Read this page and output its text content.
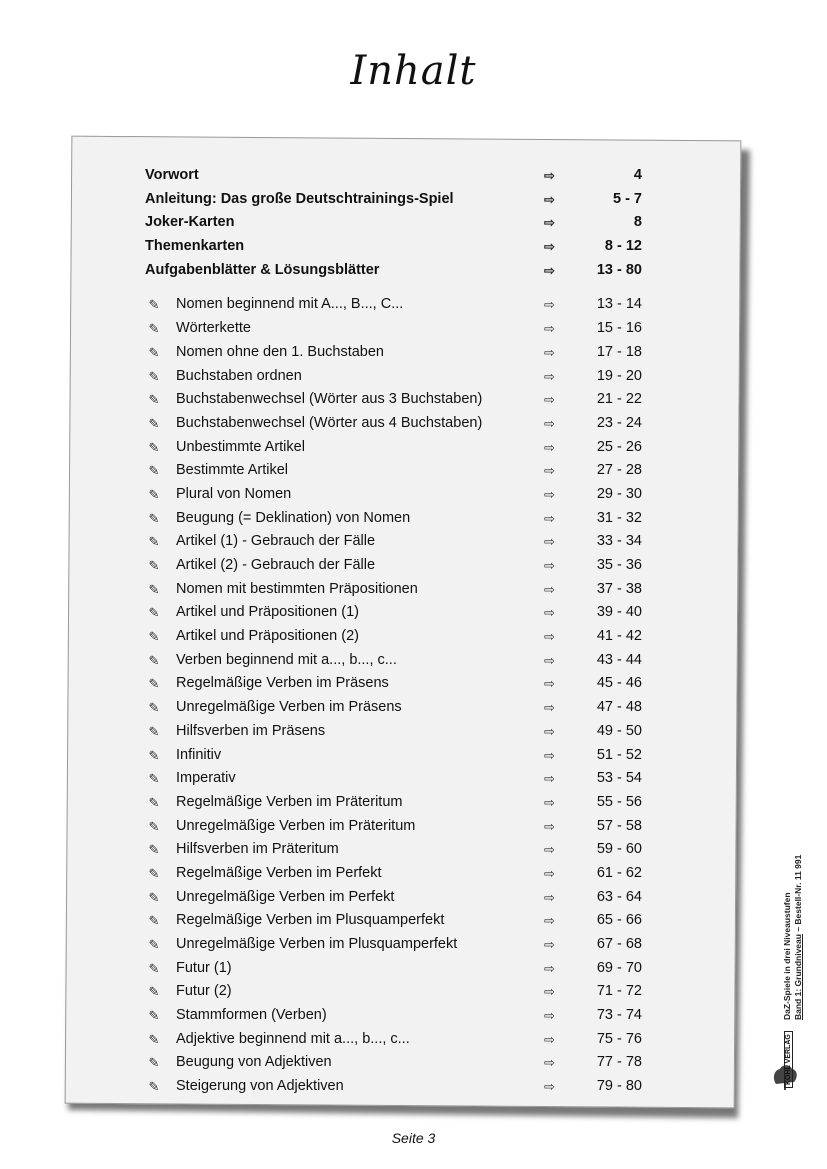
Inhalt
Vorwort	⇨	4
Anleitung: Das große Deutschtrainings-Spiel	⇨	5 - 7
Joker-Karten	⇨	8
Themenkarten	⇨	8 - 12
Aufgabenblätter & Lösungsblätter	⇨	13 - 80
✎ Nomen beginnend mit A..., B..., C...	⇨	13 - 14
✎ Wörterkette	⇨	15 - 16
✎ Nomen ohne den 1. Buchstaben	⇨	17 - 18
✎ Buchstaben ordnen	⇨	19 - 20
✎ Buchstabenwechsel (Wörter aus 3 Buchstaben)	⇨	21 - 22
✎ Buchstabenwechsel (Wörter aus 4 Buchstaben)	⇨	23 - 24
✎ Unbestimmte Artikel	⇨	25 - 26
✎ Bestimmte Artikel	⇨	27 - 28
✎ Plural von Nomen	⇨	29 - 30
✎ Beugung (= Deklination) von Nomen	⇨	31 - 32
✎ Artikel (1) - Gebrauch der Fälle	⇨	33 - 34
✎ Artikel (2) - Gebrauch der Fälle	⇨	35 - 36
✎ Nomen mit bestimmten Präpositionen	⇨	37 - 38
✎ Artikel und Präpositionen (1)	⇨	39 - 40
✎ Artikel und Präpositionen (2)	⇨	41 - 42
✎ Verben beginnend mit a..., b..., c...	⇨	43 - 44
✎ Regelmäßige Verben im Präsens	⇨	45 - 46
✎ Unregelmäßige Verben im Präsens	⇨	47 - 48
✎ Hilfsverben im Präsens	⇨	49 - 50
✎ Infinitiv	⇨	51 - 52
✎ Imperativ	⇨	53 - 54
✎ Regelmäßige Verben im Präteritum	⇨	55 - 56
✎ Unregelmäßige Verben im Präteritum	⇨	57 - 58
✎ Hilfsverben im Präteritum	⇨	59 - 60
✎ Regelmäßige Verben im Perfekt	⇨	61 - 62
✎ Unregelmäßige Verben im Perfekt	⇨	63 - 64
✎ Regelmäßige Verben im Plusquamperfekt	⇨	65 - 66
✎ Unregelmäßige Verben im Plusquamperfekt	⇨	67 - 68
✎ Futur (1)	⇨	69 - 70
✎ Futur (2)	⇨	71 - 72
✎ Stammformen (Verben)	⇨	73 - 74
✎ Adjektive beginnend mit a..., b..., c...	⇨	75 - 76
✎ Beugung von Adjektiven	⇨	77 - 78
✎ Steigerung von Adjektiven	⇨	79 - 80
DaZ-Spiele in drei Niveaustufen Band 1: Grundniveau – Bestell-Nr. 11 991
KOHL VERLAG
Seite 3
